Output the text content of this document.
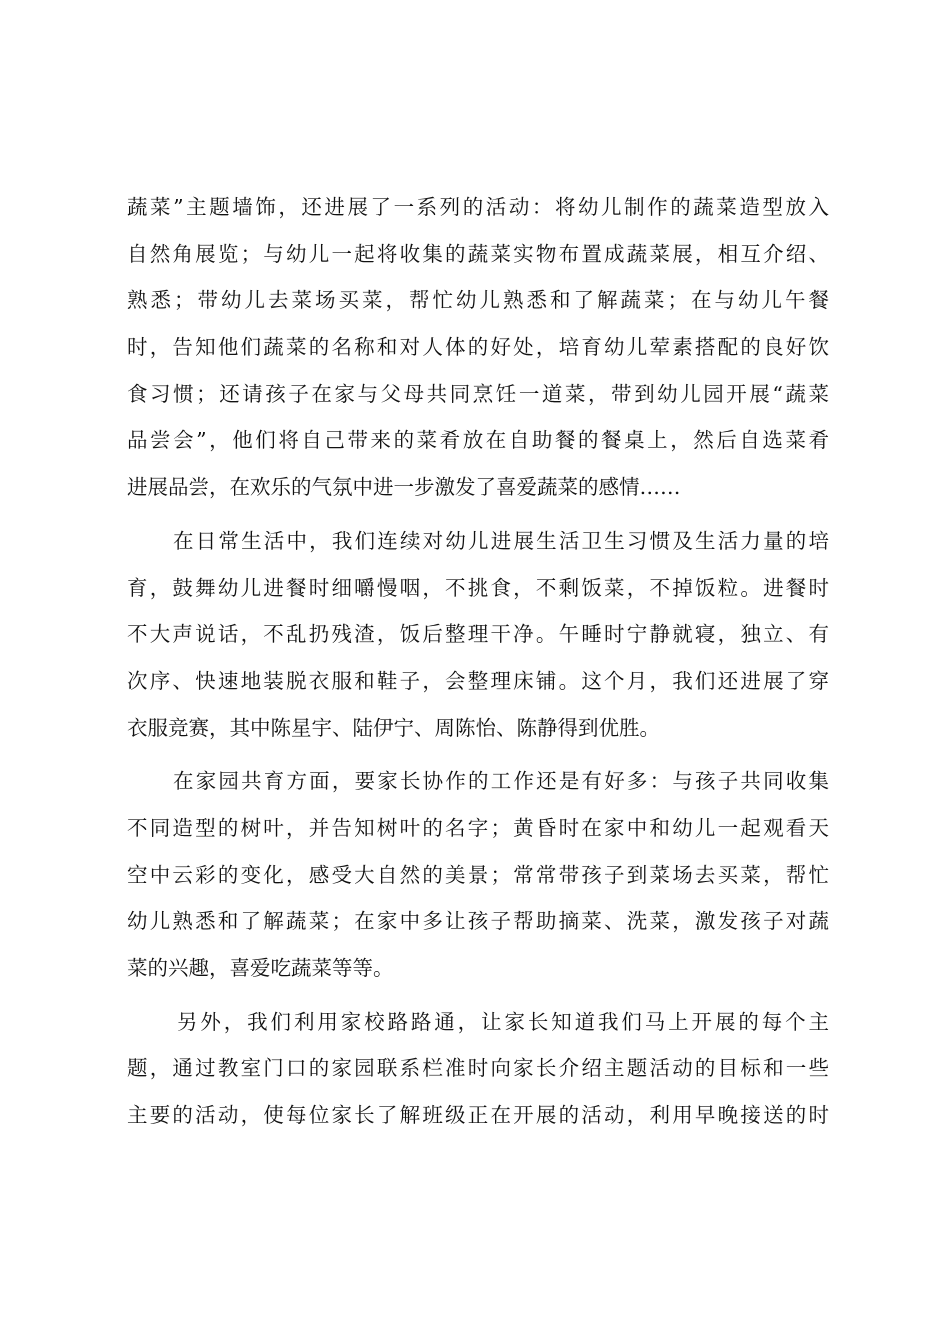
蔬菜”主题墙饰，还进展了一系列的活动：将幼儿制作的蔬菜造型放入
自然角展览；与幼儿一起将收集的蔬菜实物布置成蔬菜展，相互介绍、
熟悉；带幼儿去菜场买菜，帮忙幼儿熟悉和了解蔬菜；在与幼儿午餐
时，告知他们蔬菜的名称和对人体的好处，培育幼儿荤素搭配的良好饮
食习惯；还请孩子在家与父母共同烹饪一道菜，带到幼儿园开展“蔬菜
品尝会”，他们将自己带来的菜肴放在自助餐的餐桌上，然后自选菜肴
进展品尝，在欢乐的气氛中进一步激发了喜爱蔬菜的感情……
在日常生活中，我们连续对幼儿进展生活卫生习惯及生活力量的培
育，鼓舞幼儿进餐时细嚼慢咽，不挑食，不剩饭菜，不掉饭粒。进餐时
不大声说话，不乱扔残渣，饭后整理干净。午睡时宁静就寝，独立、有
次序、快速地装脱衣服和鞋子，会整理床铺。这个月，我们还进展了穿
衣服竞赛，其中陈星宇、陆伊宁、周陈怡、陈静得到优胜。
在家园共育方面，要家长协作的工作还是有好多：与孩子共同收集
不同造型的树叶，并告知树叶的名字；黄昏时在家中和幼儿一起观看天
空中云彩的变化，感受大自然的美景；常常带孩子到菜场去买菜，帮忙
幼儿熟悉和了解蔬菜；在家中多让孩子帮助摘菜、洗菜，激发孩子对蔬
菜的兴趣，喜爱吃蔬菜等等。
另外，我们利用家校路路通，让家长知道我们马上开展的每个主
题，通过教室门口的家园联系栏准时向家长介绍主题活动的目标和一些
主要的活动，使每位家长了解班级正在开展的活动，利用早晚接送的时
